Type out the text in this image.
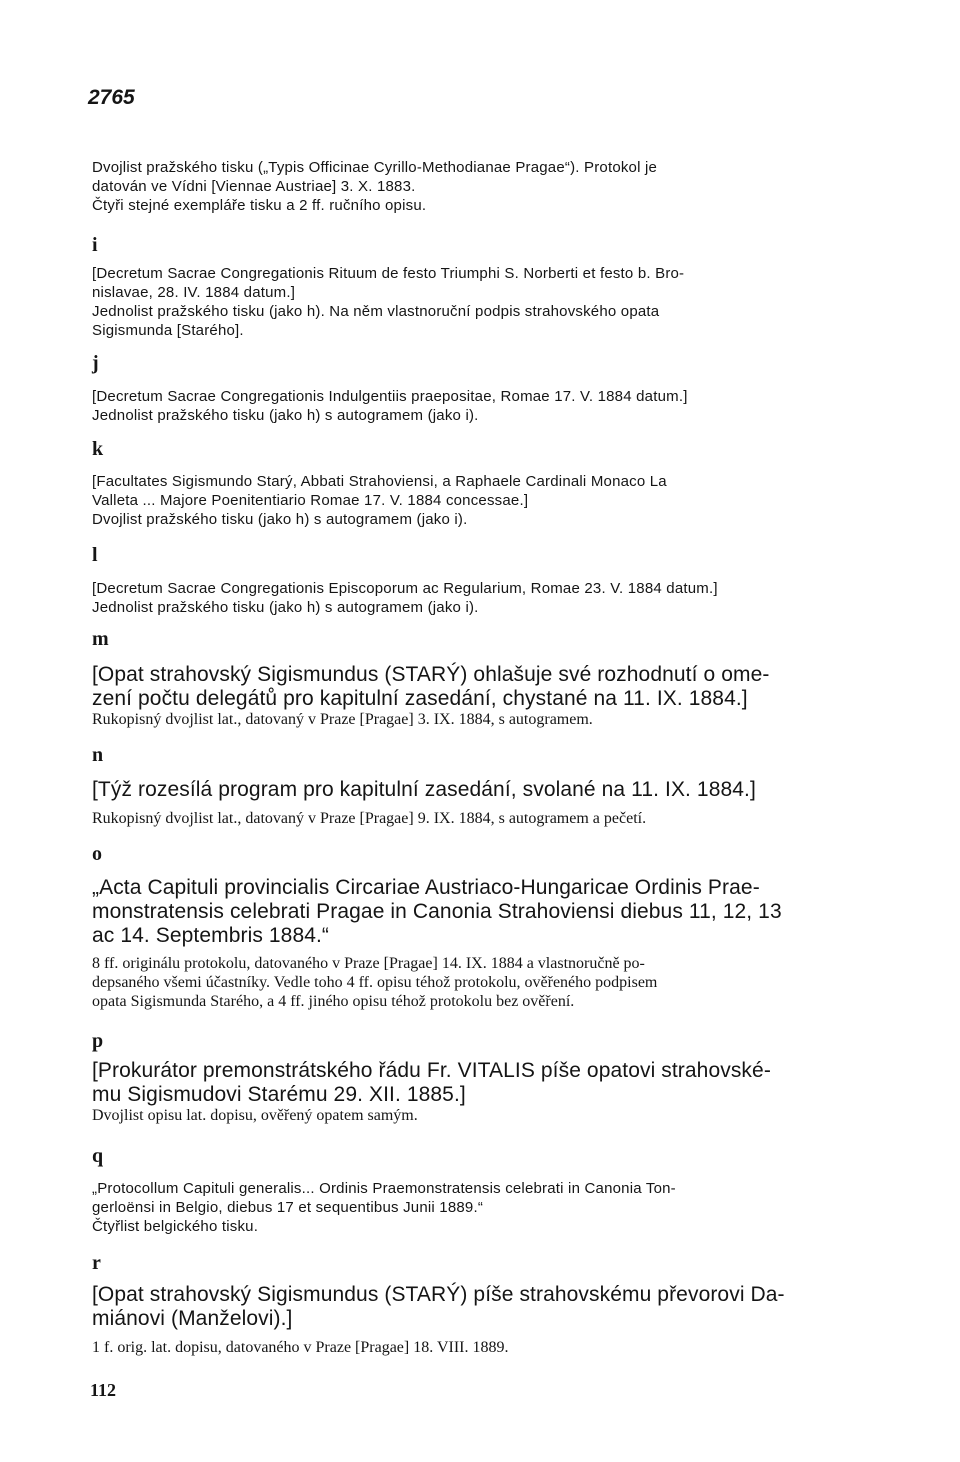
2765
Dvojlist pražského tisku („Typis Officinae Cyrillo-Methodianae Pragae“). Protokol je
datován ve Vídni [Viennae Austriae] 3. X. 1883.
Čtyři stejné exempláře tisku a 2 ff. ručního opisu.
i
[Decretum Sacrae Congregationis Rituum de festo Triumphi S. Norberti et festo b. Bro-
nislavae, 28. IV. 1884 datum.]
Jednolist pražského tisku (jako h). Na něm vlastnoruční podpis strahovského opata
Sigismunda [Starého].
j
[Decretum Sacrae Congregationis Indulgentiis praepositae, Romae 17. V. 1884 datum.]
Jednolist pražského tisku (jako h) s autogramem (jako i).
k
[Facultates Sigismundo Starý, Abbati Strahoviensi, a Raphaele Cardinali Monaco La
Valleta ... Majore Poenitentiario Romae 17. V. 1884 concessae.]
Dvojlist pražského tisku (jako h) s autogramem (jako i).
l
[Decretum Sacrae Congregationis Episcoporum ac Regularium, Romae 23. V. 1884 datum.]
Jednolist pražského tisku (jako h) s autogramem (jako i).
m
[Opat strahovský Sigismundus (STARÝ) ohlašuje své rozhodnutí o ome-
zení počtu delegátů pro kapitulní zasedání, chystané na 11. IX. 1884.]
Rukopisný dvojlist lat., datovaný v Praze [Pragae] 3. IX. 1884, s autogramem.
n
[Týž rozesílá program pro kapitulní zasedání, svolané na 11. IX. 1884.]
Rukopisný dvojlist lat., datovaný v Praze [Pragae] 9. IX. 1884, s autogramem a pečetí.
o
„Acta Capituli provincialis Circariae Austriaco-Hungaricae Ordinis Prae-
monstratensis celebrati Pragae in Canonia Strahoviensi diebus 11, 12, 13
ac 14. Septembris 1884.“
8 ff. originálu protokolu, datovaného v Praze [Pragae] 14. IX. 1884 a vlastnoručně po-
depsaného všemi účastníky. Vedle toho 4 ff. opisu téhož protokolu, ověřeného podpisem
opata Sigismunda Starého, a 4 ff. jiného opisu téhož protokolu bez ověření.
p
[Prokurátor premonstrátského řádu Fr. VITALIS píše opatovi strahovské-
mu Sigismudovi Starému 29. XII. 1885.]
Dvojlist opisu lat. dopisu, ověřený opatem samým.
q
„Protocollum Capituli generalis... Ordinis Praemonstratensis celebrati in Canonia Ton-
gerloënsi in Belgio, diebus 17 et sequentibus Junii 1889.“
Čtyřlist belgického tisku.
r
[Opat strahovský Sigismundus (STARÝ) píše strahovskému převorovi Da-
miánovi (Manželovi).]
1 f. orig. lat. dopisu, datovaného v Praze [Pragae] 18. VIII. 1889.
112
